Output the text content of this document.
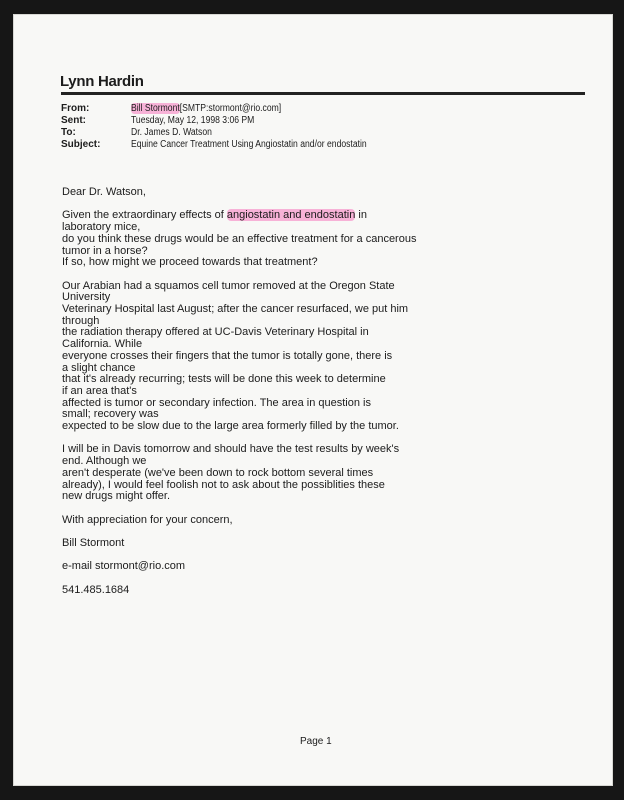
Lynn Hardin
From:	Bill Stormont[SMTP:stormont@rio.com]
Sent:	Tuesday, May 12, 1998 3:06 PM
To:	Dr. James D. Watson
Subject:	Equine Cancer Treatment Using Angiostatin and/or endostatin
Dear Dr. Watson,
Given the extraordinary effects of angiostatin and endostatin in
laboratory mice,
do you think these drugs would be an effective treatment for a cancerous
tumor in a horse?
If so, how might we proceed towards that treatment?
Our Arabian had a squamos cell tumor removed at the Oregon State
University
Veterinary Hospital last August; after the cancer resurfaced, we put him
through
the radiation therapy offered at UC-Davis Veterinary Hospital in
California. While
everyone crosses their fingers that the tumor is totally gone, there is
a slight chance
that it's already recurring; tests will be done this week to determine
if an area that's
affected is tumor or secondary infection. The area in question is
small; recovery was
expected to be slow due to the large area formerly filled by the tumor.
I will be in Davis tomorrow and should have the test results by week's
end. Although we
aren't desperate (we've been down to rock bottom several times
already), I would feel foolish not to ask about the possiblities these
new drugs might offer.
With appreciation for your concern,
Bill Stormont
e-mail stormont@rio.com
541.485.1684
Page 1
